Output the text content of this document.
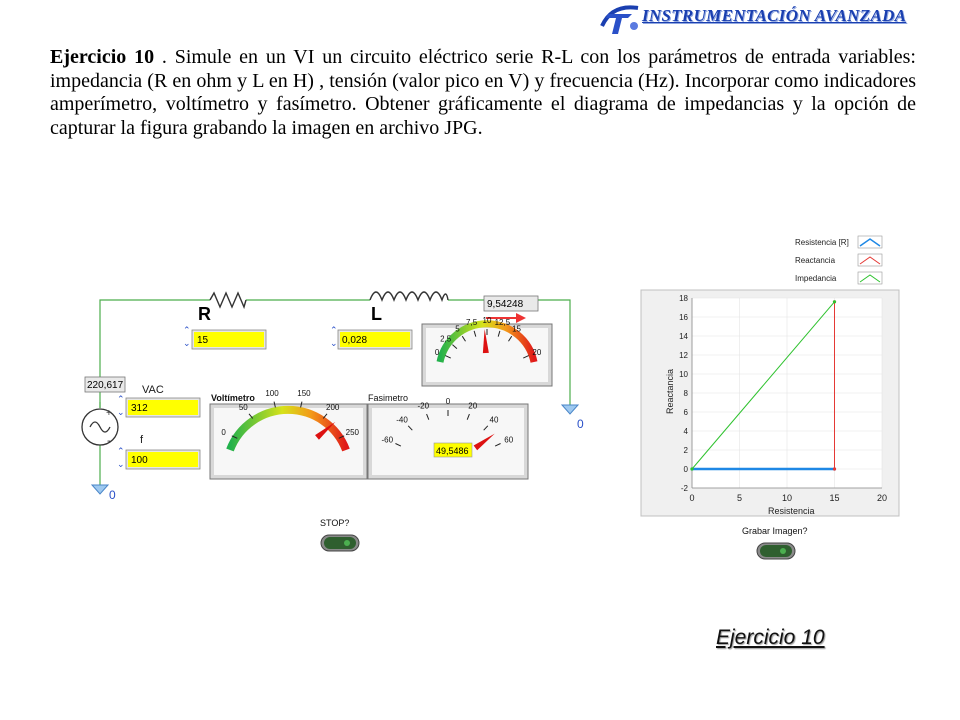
INSTRUMENTACIÓN AVANZADA
Ejercicio 10 . Simule en un VI un circuito eléctrico serie R-L con los parámetros de entrada variables: impedancia (R en ohm y L en H) , tensión (valor pico en V) y frecuencia (Hz). Incorporar como indicadores amperímetro, voltímetro y fasímetro. Obtener gráficamente el diagrama de impedancias y la opción de capturar la figura grabando la imagen en archivo JPG.
R	L	9,54248
⌃
⌄ 15
⌃
⌄ 0,028
0
2,5
5
7,5 10 12,5
15
20
+
-
220,617 VAC
⌃
⌄ 312
f
⌃
⌄ 100
0
0
Voltímetro
0
50
100 150
200
250
Fasimetro
-60
-40
-20
0
20
40
60
49,5486
STOP?
Resistencia [R]
Reactancia
Impedancia
0	5	10	15	20
-2
0
2
4
6
8
10
12
14
16
18
Reactancia
Resistencia
Grabar Imagen?
Ejercicio 10
